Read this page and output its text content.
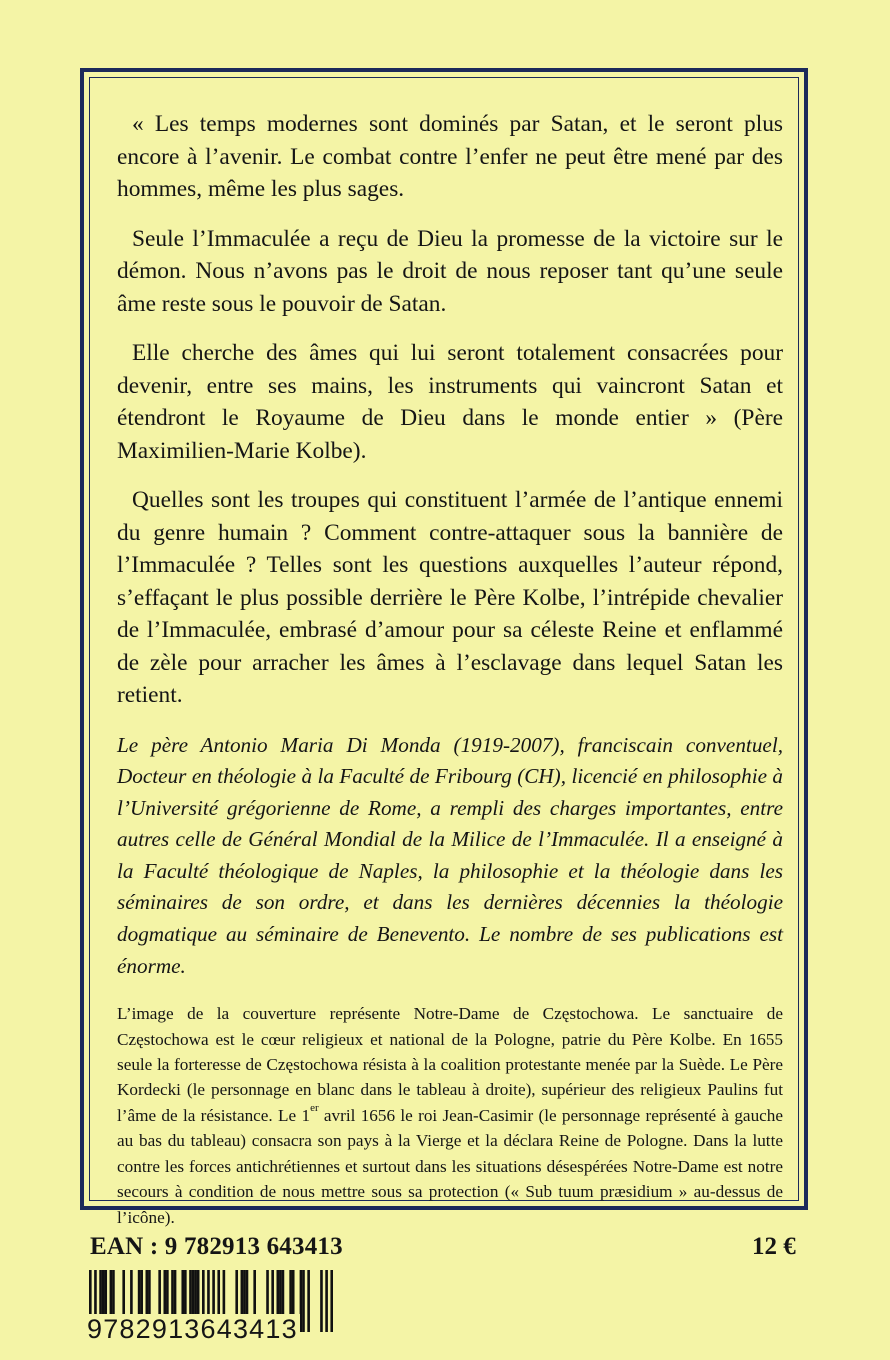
« Les temps modernes sont dominés par Satan, et le seront plus encore à l’avenir. Le combat contre l’enfer ne peut être mené par des hommes, même les plus sages.

Seule l’Immaculée a reçu de Dieu la promesse de la victoire sur le démon. Nous n’avons pas le droit de nous reposer tant qu’une seule âme reste sous le pouvoir de Satan.

Elle cherche des âmes qui lui seront totalement consacrées pour devenir, entre ses mains, les instruments qui vaincront Satan et étendront le Royaume de Dieu dans le monde entier » (Père Maximilien-Marie Kolbe).

Quelles sont les troupes qui constituent l’armée de l’antique ennemi du genre humain ? Comment contre-attaquer sous la bannière de l’Immaculée ? Telles sont les questions auxquelles l’auteur répond, s’effaçant le plus possible derrière le Père Kolbe, l’intrépide chevalier de l’Immaculée, embrasé d’amour pour sa céleste Reine et enflammé de zèle pour arracher les âmes à l’esclavage dans lequel Satan les retient.

Le père Antonio Maria Di Monda (1919-2007), franciscain conventuel, Docteur en théologie à la Faculté de Fribourg (CH), licencié en philosophie à l’Université grégorienne de Rome, a rempli des charges importantes, entre autres celle de Général Mondial de la Milice de l’Immaculée. Il a enseigné à la Faculté théologique de Naples, la philosophie et la théologie dans les séminaires de son ordre, et dans les dernières décennies la théologie dogmatique au séminaire de Benevento. Le nombre de ses publications est énorme.

L’image de la couverture représente Notre-Dame de Częstochowa. Le sanctuaire de Częstochowa est le cœur religieux et national de la Pologne, patrie du Père Kolbe. En 1655 seule la forteresse de Częstochowa résista à la coalition protestante menée par la Suède. Le Père Kordecki (le personnage en blanc dans le tableau à droite), supérieur des religieux Paulins fut l’âme de la résistance. Le 1er avril 1656 le roi Jean-Casimir (le personnage représenté à gauche au bas du tableau) consacra son pays à la Vierge et la déclara Reine de Pologne. Dans la lutte contre les forces antichrétiennes et surtout dans les situations désespérées Notre-Dame est notre secours à condition de nous mettre sous sa protection (« Sub tuum præsidium » au-dessus de l’icône).

EAN : 9 782913 643413	12 €
9782913643413
